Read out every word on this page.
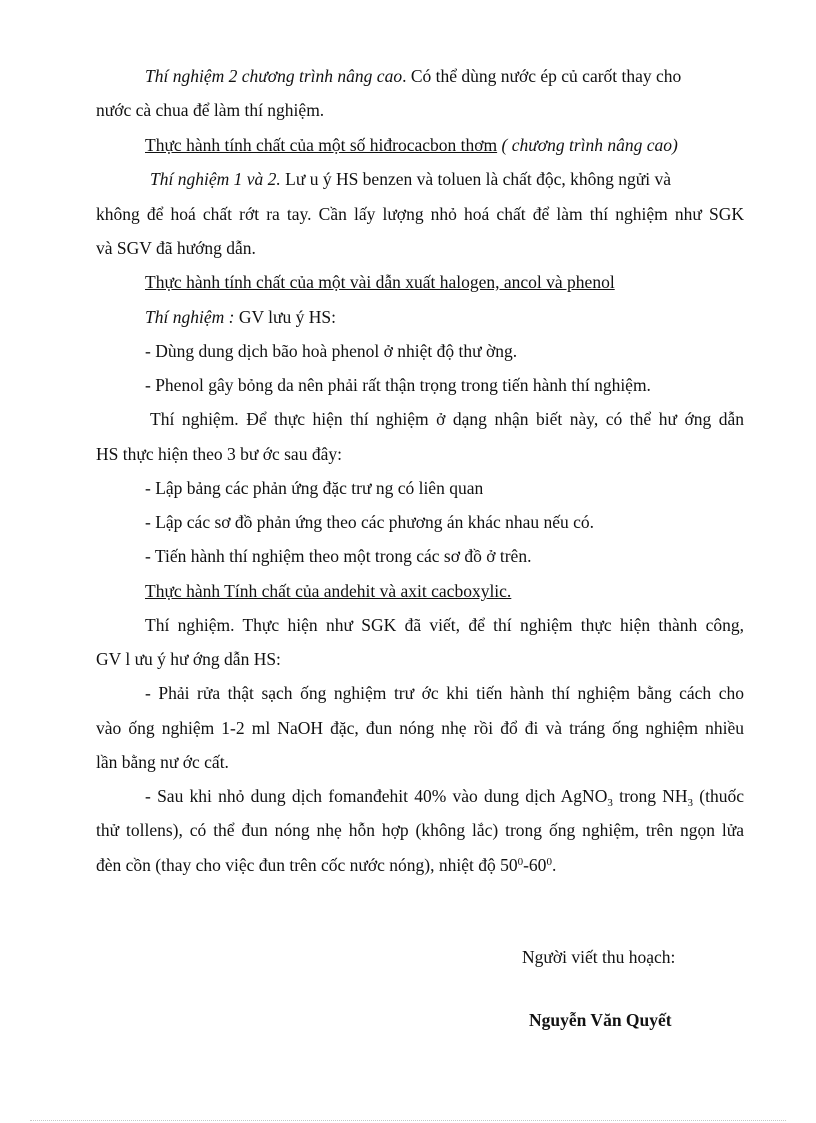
Thí nghiệm 2 chương trình nâng cao. Có thể dùng nước ép củ carốt thay cho
nước cà chua để làm thí nghiệm.
Thực hành tính chất của một số hiđrocacbon thơm ( chương trình nâng cao)
Thí nghiệm 1 và 2. Lư u ý HS benzen và toluen là chất độc, không ngửi và
không để hoá chất rớt ra tay. Cần lấy lượng nhỏ hoá chất để làm thí nghiệm như SGK
và SGV đã hướng dẫn.
Thực hành tính chất của một vài dẫn xuất halogen, ancol và phenol
Thí nghiệm : GV lưu ý HS:
- Dùng dung dịch bão hoà phenol ở nhiệt độ thư ờng.
- Phenol gây bỏng da nên phải rất thận trọng trong tiến hành thí nghiệm.
Thí nghiệm. Để thực hiện thí nghiệm ở dạng nhận biết này, có thể hư ớng dẫn
HS thực hiện theo 3 bư ớc sau đây:
- Lập bảng các phản ứng đặc trư ng có liên quan
- Lập các sơ đồ phản ứng theo các phương án khác nhau nếu có.
- Tiến hành thí nghiệm theo một trong các sơ đồ ở trên.
Thực hành Tính chất của andehit và axit cacboxylic.
Thí nghiệm. Thực hiện như SGK đã viết, để thí nghiệm thực hiện thành công,
GV l ưu ý hư ớng dẫn HS:
- Phải rửa thật sạch ống nghiệm trư ớc khi tiến hành thí nghiệm bằng cách cho
vào ống nghiệm 1-2 ml NaOH đặc, đun nóng nhẹ rồi đổ đi và tráng ống nghiệm nhiều
lần bằng nư ớc cất.
- Sau khi nhỏ dung dịch fomanđehit 40% vào dung dịch AgNO$_3$ trong $NH_3$ (thuốc
thử tollens), có thể đun nóng nhẹ hỗn hợp (không lắc) trong ống nghiệm, trên ngọn lửa
đèn cồn (thay cho việc đun trên cốc nước nóng), nhiệt độ $50^0-60^0$.
Người viết thu hoạch:
Nguyễn Văn Quyết
